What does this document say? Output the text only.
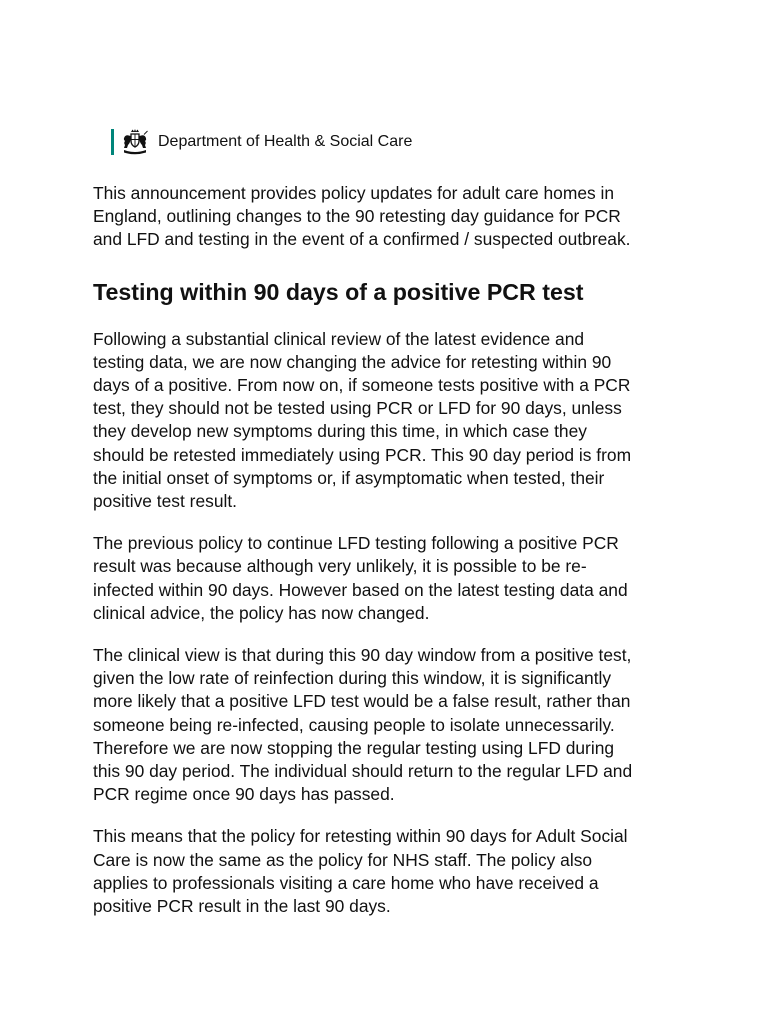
Department of Health & Social Care

This announcement provides policy updates for adult care homes in
England, outlining changes to the 90 retesting day guidance for PCR
and LFD and testing in the event of a confirmed / suspected outbreak.

Testing within 90 days of a positive PCR test

Following a substantial clinical review of the latest evidence and
testing data, we are now changing the advice for retesting within 90
days of a positive. From now on, if someone tests positive with a PCR
test, they should not be tested using PCR or LFD for 90 days, unless
they develop new symptoms during this time, in which case they
should be retested immediately using PCR. This 90 day period is from
the initial onset of symptoms or, if asymptomatic when tested, their
positive test result.

The previous policy to continue LFD testing following a positive PCR
result was because although very unlikely, it is possible to be re-
infected within 90 days. However based on the latest testing data and
clinical advice, the policy has now changed.

The clinical view is that during this 90 day window from a positive test,
given the low rate of reinfection during this window, it is significantly
more likely that a positive LFD test would be a false result, rather than
someone being re-infected, causing people to isolate unnecessarily.
Therefore we are now stopping the regular testing using LFD during
this 90 day period. The individual should return to the regular LFD and
PCR regime once 90 days has passed.

This means that the policy for retesting within 90 days for Adult Social
Care is now the same as the policy for NHS staff. The policy also
applies to professionals visiting a care home who have received a
positive PCR result in the last 90 days.
